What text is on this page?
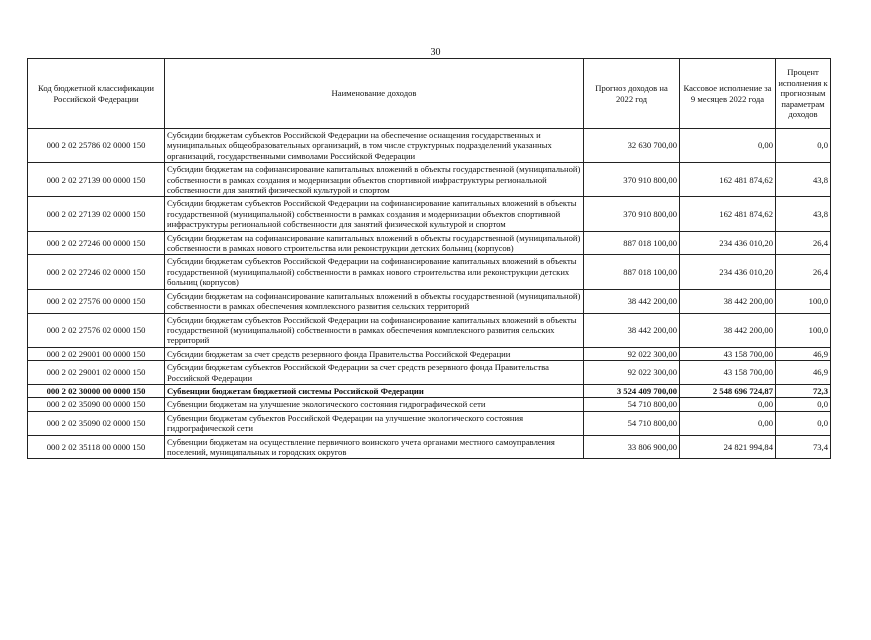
30
Код бюджетной классификации Российской Федерации	Наименование доходов	Прогноз доходов на 2022 год	Кассовое исполнение за 9 месяцев 2022 года	Процент исполнения к прогнозным параметрам доходов
000 2 02 25786 02 0000 150	Субсидии бюджетам субъектов Российской Федерации на обеспечение оснащения государственных и муниципальных общеобразовательных организаций, в том числе структурных подразделений указанных организаций, государственными символами Российской Федерации	32 630 700,00	0,00	0,0
000 2 02 27139 00 0000 150	Субсидии бюджетам на софинансирование капитальных вложений в объекты государственной (муниципальной) собственности в рамках создания и модернизации объектов спортивной инфраструктуры региональной собственности для занятий физической культурой и спортом	370 910 800,00	162 481 874,62	43,8
000 2 02 27139 02 0000 150	Субсидии бюджетам субъектов Российской Федерации на софинансирование капитальных вложений в объекты государственной (муниципальной) собственности в рамках создания и модернизации объектов спортивной инфраструктуры региональной собственности для занятий физической культурой и спортом	370 910 800,00	162 481 874,62	43,8
000 2 02 27246 00 0000 150	Субсидии бюджетам на софинансирование капитальных вложений в объекты государственной (муниципальной) собственности в рамках нового строительства или реконструкции детских больниц (корпусов)	887 018 100,00	234 436 010,20	26,4
000 2 02 27246 02 0000 150	Субсидии бюджетам субъектов Российской Федерации на софинансирование капитальных вложений в объекты государственной (муниципальной) собственности в рамках нового строительства или реконструкции детских больниц (корпусов)	887 018 100,00	234 436 010,20	26,4
000 2 02 27576 00 0000 150	Субсидии бюджетам на софинансирование капитальных вложений в объекты государственной (муниципальной) собственности в рамках обеспечения комплексного развития сельских территорий	38 442 200,00	38 442 200,00	100,0
000 2 02 27576 02 0000 150	Субсидии бюджетам субъектов Российской Федерации на софинансирование капитальных вложений в объекты государственной (муниципальной) собственности в рамках обеспечения комплексного развития сельских территорий	38 442 200,00	38 442 200,00	100,0
000 2 02 29001 00 0000 150	Субсидии бюджетам за счет средств резервного фонда Правительства Российской Федерации	92 022 300,00	43 158 700,00	46,9
000 2 02 29001 02 0000 150	Субсидии бюджетам субъектов Российской Федерации за счет средств резервного фонда Правительства Российской Федерации	92 022 300,00	43 158 700,00	46,9
000 2 02 30000 00 0000 150	Субвенции бюджетам бюджетной системы Российской Федерации	3 524 409 700,00	2 548 696 724,87	72,3
000 2 02 35090 00 0000 150	Субвенции бюджетам на улучшение экологического состояния гидрографической сети	54 710 800,00	0,00	0,0
000 2 02 35090 02 0000 150	Субвенции бюджетам субъектов Российской Федерации на улучшение экологического состояния гидрографической сети	54 710 800,00	0,00	0,0
000 2 02 35118 00 0000 150	Субвенции бюджетам на осуществление первичного воинского учета органами местного самоуправления поселений, муниципальных и городских округов	33 806 900,00	24 821 994,84	73,4
